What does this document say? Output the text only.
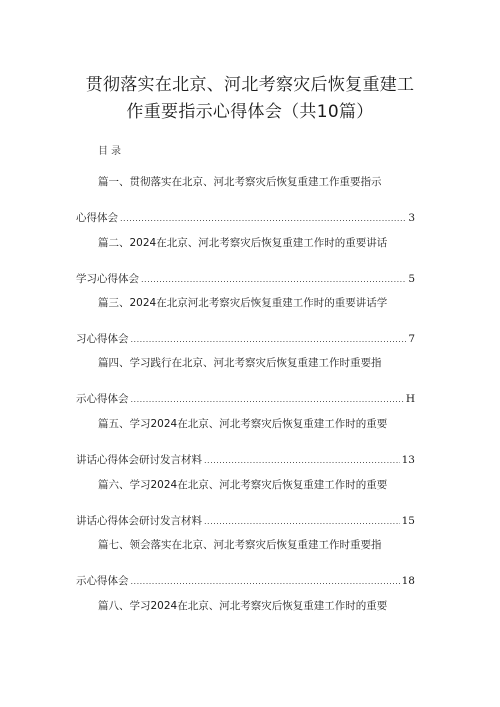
贯彻落实在北京、河北考察灾后恢复重建工
作重要指示心得体会（共10篇）
目录
篇一、贯彻落实在北京、河北考察灾后恢复重建工作重要指示
心得体会 .....	3
篇二、2024在北京、河北考察灾后恢复重建工作时的重要讲话
学习心得体会 .....	5
篇三、2024在北京河北考察灾后恢复重建工作时的重要讲话学
习心得体会 .....	7
篇四、学习践行在北京、河北考察灾后恢复重建工作时重要指
示心得体会 .....	H
篇五、学习2024在北京、河北考察灾后恢复重建工作时的重要
讲话心得体会研讨发言材料 .....	13
篇六、学习2024在北京、河北考察灾后恢复重建工作时的重要
讲话心得体会研讨发言材料 .....	15
篇七、领会落实在北京、河北考察灾后恢复重建工作时重要指
示心得体会 .....	18
篇八、学习2024在北京、河北考察灾后恢复重建工作时的重要
